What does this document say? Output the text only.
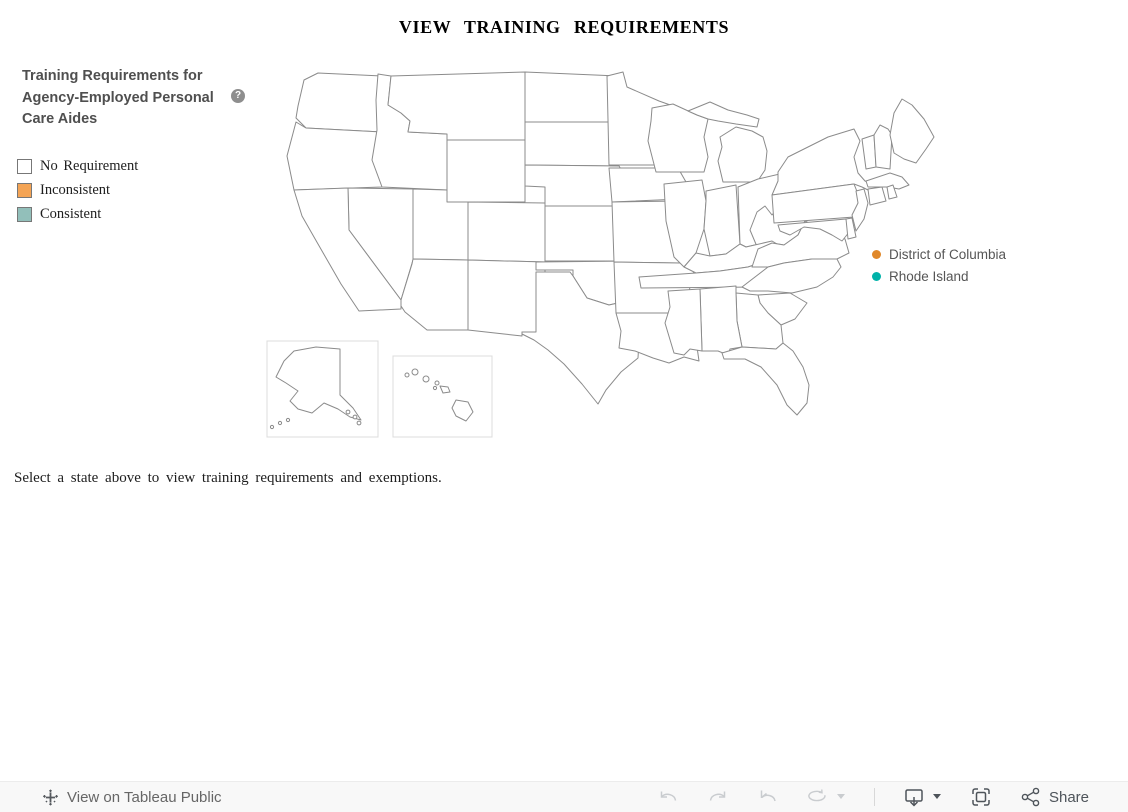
VIEW TRAINING REQUIREMENTS
Training Requirements for
Agency-Employed Personal
Care Aides
?
No Requirement
Inconsistent
Consistent
District of Columbia
Rhode Island
Select a state above to view training requirements and exemptions.
View on Tableau Public	Share
